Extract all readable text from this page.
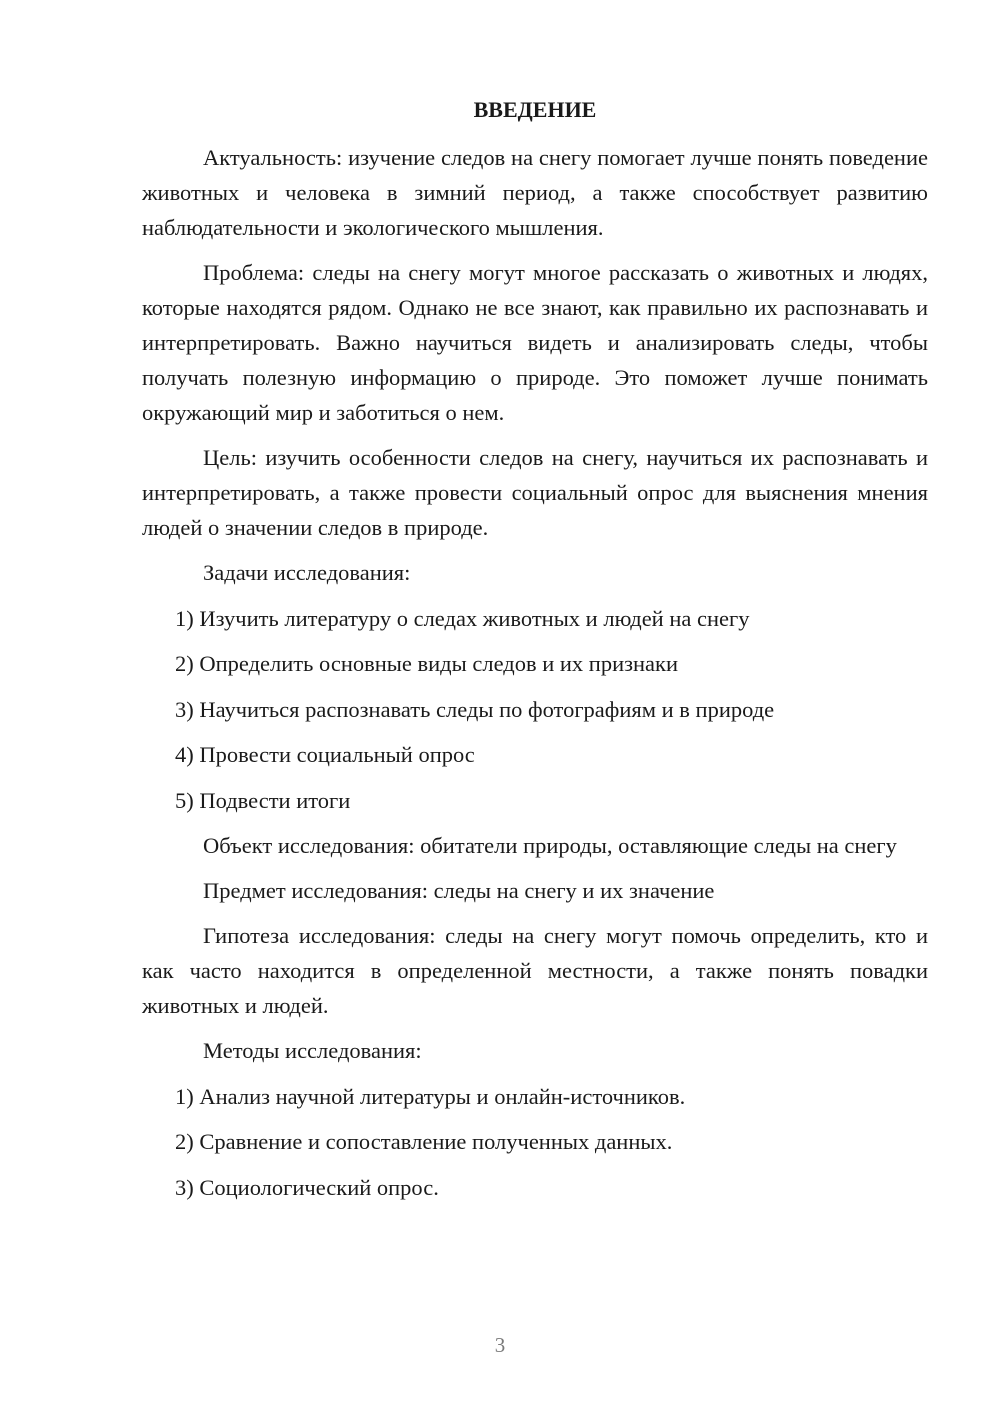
ВВЕДЕНИЕ

Актуальность: изучение следов на снегу помогает лучше понять поведение животных и человека в зимний период, а также способствует развитию наблюдательности и экологического мышления.

Проблема: следы на снегу могут многое рассказать о животных и людях, которые находятся рядом. Однако не все знают, как правильно их распознавать и интерпретировать. Важно научиться видеть и анализировать следы, чтобы получать полезную информацию о природе. Это поможет лучше понимать окружающий мир и заботиться о нем.

Цель: изучить особенности следов на снегу, научиться их распознавать и интерпретировать, а также провести социальный опрос для выяснения мнения людей о значении следов в природе.

Задачи исследования:
1) Изучить литературу о следах животных и людей на снегу
2) Определить основные виды следов и их признаки
3) Научиться распознавать следы по фотографиям и в природе
4) Провести социальный опрос
5) Подвести итоги

Объект исследования: обитатели природы, оставляющие следы на снегу

Предмет исследования: следы на снегу и их значение

Гипотеза исследования: следы на снегу могут помочь определить, кто и как часто находится в определенной местности, а также понять повадки животных и людей.

Методы исследования:
1) Анализ научной литературы и онлайн-источников.
2) Сравнение и сопоставление полученных данных.
3) Социологический опрос.
3
